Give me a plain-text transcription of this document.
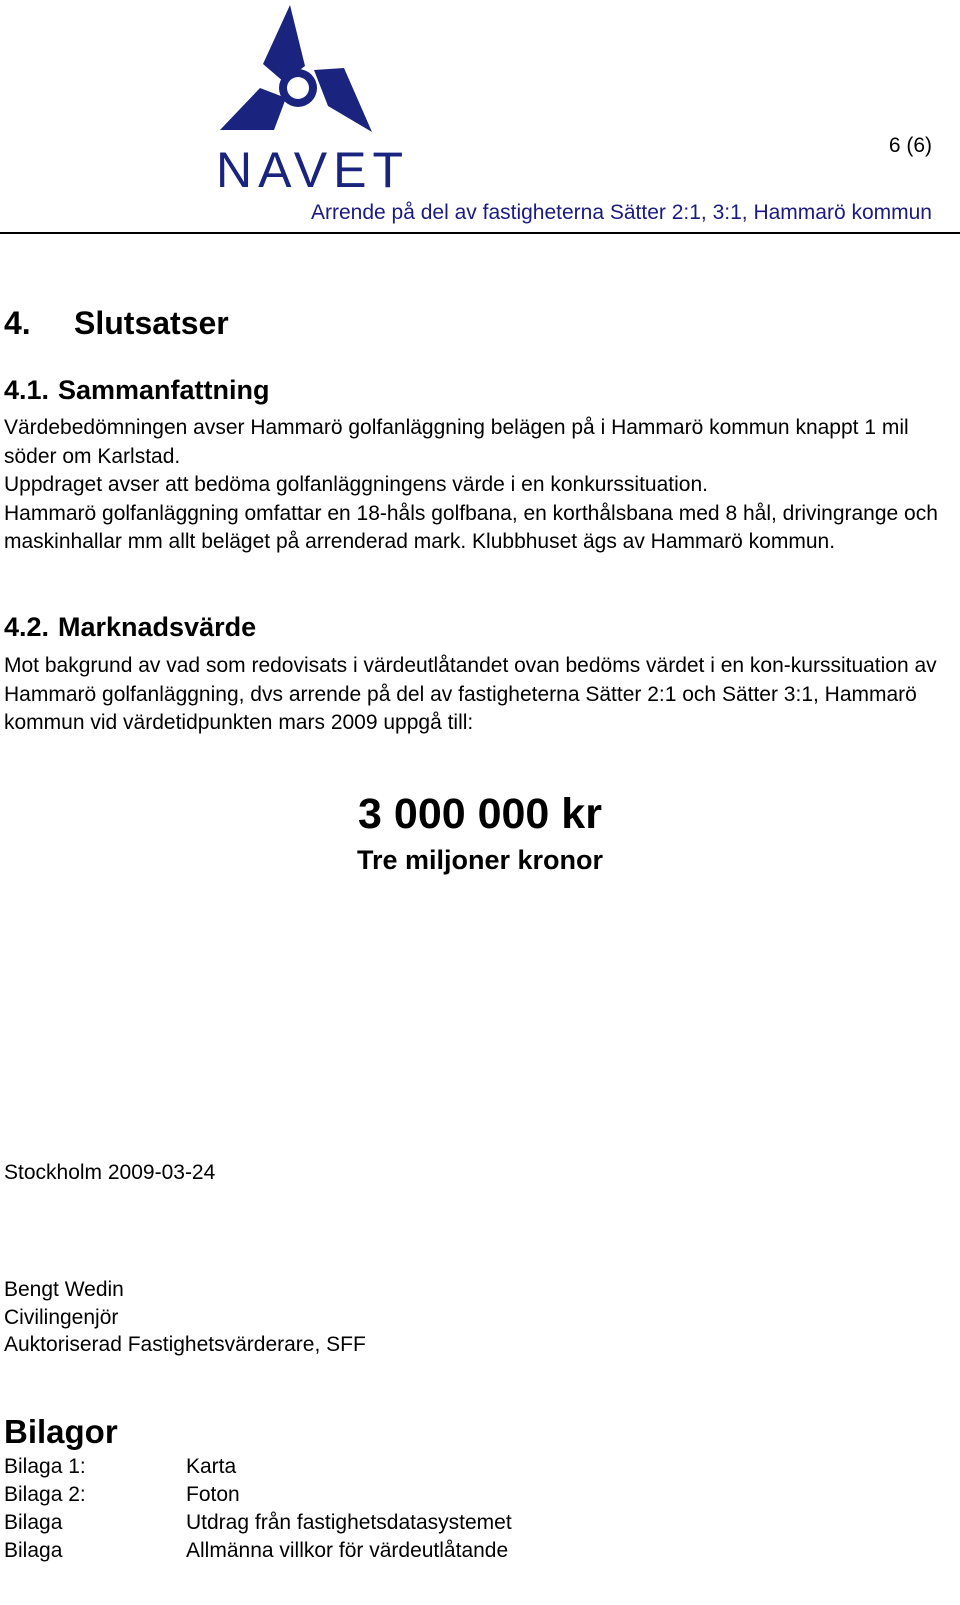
NAVET	6 (6)
Arrende på del av fastigheterna Sätter 2:1, 3:1, Hammarö kommun
4. Slutsatser
4.1. Sammanfattning

Värdebedömningen avser Hammarö golfanläggning belägen på i Hammarö kommun knappt 1 mil söder om Karlstad.

Uppdraget avser att bedöma golfanläggningens värde i en konkurssituation.

Hammarö golfanläggning omfattar en 18-håls golfbana, en korthålsbana med 8 hål, drivingrange och maskinhallar mm allt beläget på arrenderad mark. Klubbhuset ägs av Hammarö kommun.

4.2. Marknadsvärde

Mot bakgrund av vad som redovisats i värdeutlåtandet ovan bedöms värdet i en kon-kurssituation av Hammarö golfanläggning, dvs arrende på del av fastigheterna Sätter 2:1 och Sätter 3:1, Hammarö kommun vid värdetidpunkten mars 2009 uppgå till:

3 000 000 kr
Tre miljoner kronor
Stockholm 2009-03-24
Bengt Wedin
Civilingenjör
Auktoriserad Fastighetsvärderare, SFF
Bilagor
Bilaga 1:	Karta
Bilaga 2:	Foton
Bilaga	Utdrag från fastighetsdatasystemet
Bilaga	Allmänna villkor för värdeutlåtande
